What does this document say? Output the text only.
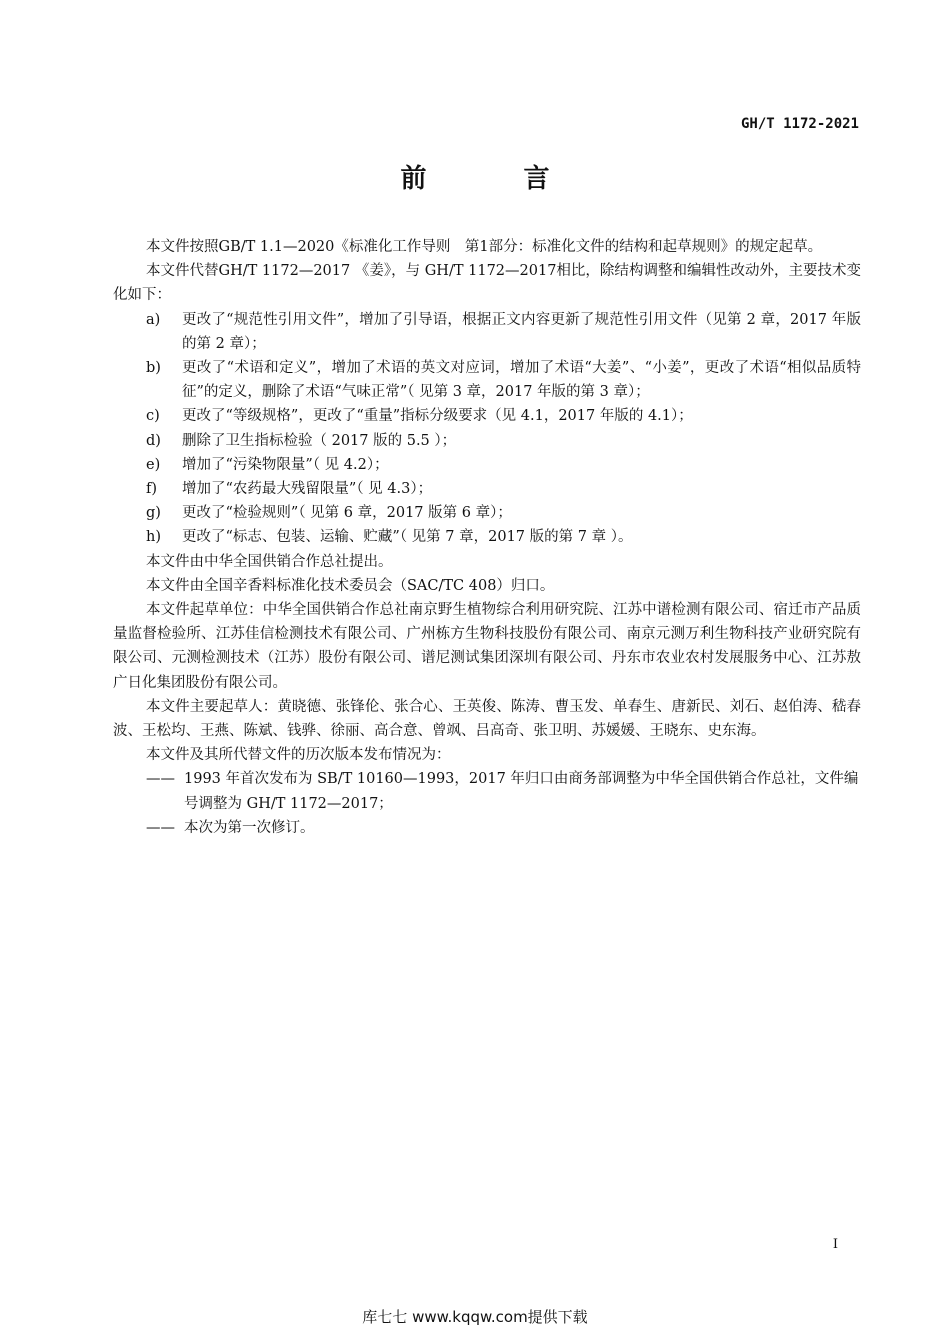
GH/T 1172-2021
前 言

本文件按照GB/T 1.1—2020《标准化工作导则　第1部分：标准化文件的结构和起草规则》的规定起草。

本文件代替GH/T 1172—2017 《姜》，与 GH/T 1172—2017相比，除结构调整和编辑性改动外，主要技术变化如下：

a)	更改了“规范性引用文件”，增加了引导语，根据正文内容更新了规范性引用文件（见第 2 章，2017 年版的第 2 章）；
b)	更改了“术语和定义”，增加了术语的英文对应词，增加了术语“大姜”、“小姜”，更改了术语“相似品质特征”的定义，删除了术语“气味正常”（ 见第 3 章，2017 年版的第 3 章）；
c)	更改了“等级规格”，更改了“重量”指标分级要求（见 4.1，2017 年版的 4.1）；
d)	删除了卫生指标检验（ 2017 版的 5.5 ）；
e)	增加了“污染物限量”（ 见 4.2）；
f)	增加了“农药最大残留限量”（ 见 4.3）；
g)	更改了“检验规则”（ 见第 6 章，2017 版第 6 章）；
h)	更改了“标志、包装、运输、贮藏”（ 见第 7 章，2017 版的第 7 章 ）。

本文件由中华全国供销合作总社提出。

本文件由全国辛香料标准化技术委员会（SAC/TC 408）归口。

本文件起草单位：中华全国供销合作总社南京野生植物综合利用研究院、江苏中谱检测有限公司、宿迁市产品质量监督检验所、江苏佳信检测技术有限公司、广州栋方生物科技股份有限公司、南京元测万利生物科技产业研究院有限公司、元测检测技术（江苏）股份有限公司、谱尼测试集团深圳有限公司、丹东市农业农村发展服务中心、江苏敖广日化集团股份有限公司。

本文件主要起草人：黄晓德、张锋伦、张合心、王英俊、陈涛、曹玉发、单春生、唐新民、刘石、赵伯涛、嵇春波、王松均、王燕、陈斌、钱骅、徐丽、高合意、曾飒、吕高奇、张卫明、苏媛媛、王晓东、史东海。

本文件及其所代替文件的历次版本发布情况为：

—— 1993 年首次发布为 SB/T 10160—1993，2017 年归口由商务部调整为中华全国供销合作总社，文件编号调整为 GH/T 1172—2017；
—— 本次为第一次修订。
I
库七七 www.kqqw.com提供下载
